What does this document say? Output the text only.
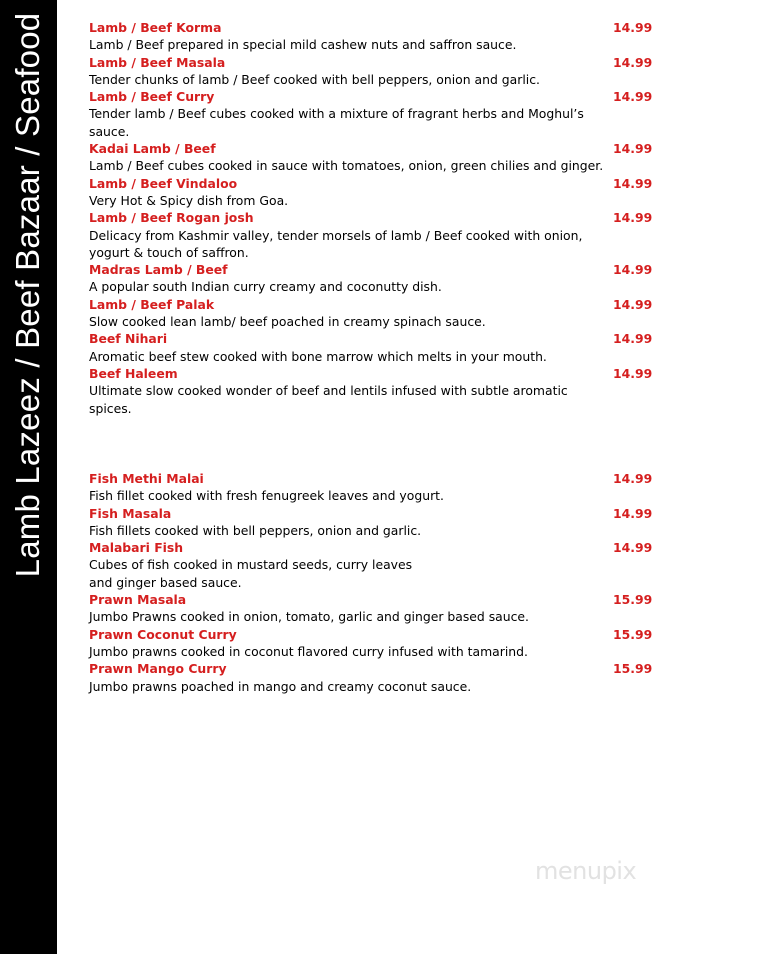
Lamb Lazeez / Beef Bazaar / Seafood	Lamb / Beef Korma	14.99
Lamb / Beef prepared in special mild cashew nuts and saffron sauce.
Lamb / Beef Masala	14.99
Tender chunks of lamb / Beef cooked with bell peppers, onion and garlic.
Lamb / Beef Curry	14.99
Tender lamb / Beef cubes cooked with a mixture of fragrant herbs and Moghul’s sauce.
Kadai Lamb / Beef	14.99
Lamb / Beef cubes cooked in sauce with tomatoes, onion, green chilies and ginger.
Lamb / Beef Vindaloo	14.99
Very Hot & Spicy dish from Goa.
Lamb / Beef Rogan josh	14.99
Delicacy from Kashmir valley, tender morsels of lamb / Beef cooked with onion, yogurt & touch of saffron.
Madras Lamb / Beef	14.99
A popular south Indian curry creamy and coconutty dish.
Lamb / Beef Palak	14.99
Slow cooked lean lamb/ beef poached in creamy spinach sauce.
Beef Nihari	14.99
Aromatic beef stew cooked with bone marrow which melts in your mouth.
Beef Haleem	14.99
Ultimate slow cooked wonder of beef and lentils infused with subtle aromatic spices.
Fish Methi Malai	14.99
Fish fillet cooked with fresh fenugreek leaves and yogurt.
Fish Masala	14.99
Fish fillets cooked with bell peppers, onion and garlic.
Malabari Fish	14.99
Cubes of fish cooked in mustard seeds, curry leaves and ginger based sauce.
Prawn Masala	15.99
Jumbo Prawns cooked in onion, tomato, garlic and ginger based sauce.
Prawn Coconut Curry	15.99
Jumbo prawns cooked in coconut flavored curry infused with tamarind.
Prawn Mango Curry	15.99
Jumbo prawns poached in mango and creamy coconut sauce.
menupix
